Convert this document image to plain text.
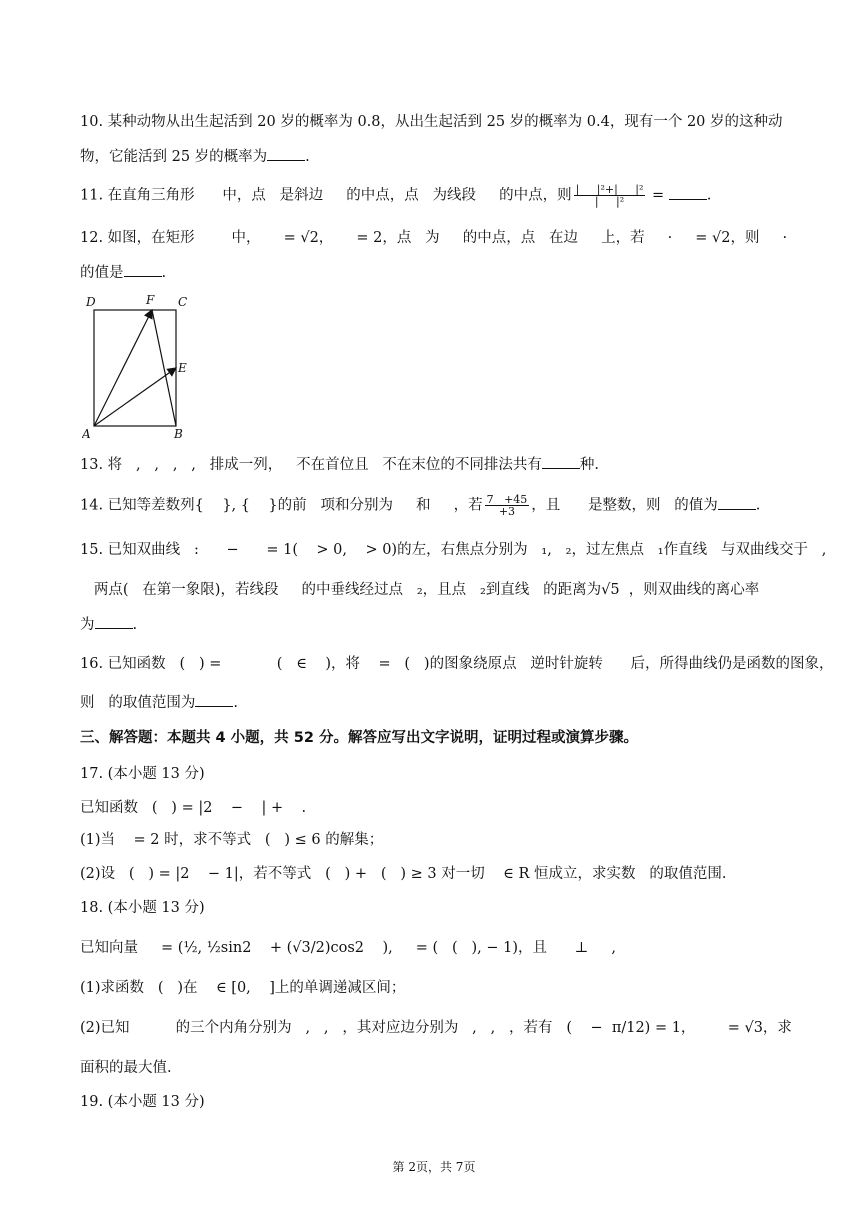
10. 某种动物从出生起活到 20 岁的概率为 0.8，从出生起活到 25 岁的概率为 0.4，现有一个 20 岁的这种动
物，它能活到 25 岁的概率为	.
11. 在直角三角形      中，点   是斜边     的中点，点   为线段     的中点，则 $\frac{\text{|     |²+|     |²}}{\text{|     |²}}$ =	.
12. 如图，在矩形        中，     = √2，     = 2，点   为     的中点，点   在边     上，若     ·     = √2，则     ·
的值是	.
D	F C
E
A	B
13. 将   ,   ,   ,   ,   排成一列，   不在首位且   不在末位的不同排法共有	种.
14. 已知等差数列{    }, {    }的前   项和分别为     和     ，若 $\frac{7 +45}{+3}$ ，且      是整数，则   的值为	.
15. 已知双曲线   :      −      = 1(    > 0,    > 0)的左，右焦点分别为   ₁,   ₂，过左焦点   ₁作直线   与双曲线交于   ,
两点(   在第一象限)，若线段     的中垂线经过点   ₂，且点   ₂到直线   的距离为√5  ，则双曲线的离心率
为	.
16. 已知函数   (   ) =            (   ∈    )，将    =   (   )的图象绕原点   逆时针旋转      后，所得曲线仍是函数的图象，
则   的取值范围为	.
三、解答题：本题共 4 小题，共 52 分。解答应写出文字说明，证明过程或演算步骤。
17. (本小题 13 分)
已知函数   (   ) = |2    −    | +    .
(1)当    = 2 时，求不等式   (   ) ≤ 6 的解集；
(2)设   (   ) = |2    − 1|，若不等式   (   ) +   (   ) ≥ 3 对一切    ∈ R 恒成立，求实数   的取值范围.
18. (本小题 13 分)
已知向量     = (½, ½sin2    + (√3/2)cos2    ),     = (   (   ), − 1)，且      ⊥     ,
(1)求函数   (   )在    ∈ [0,    ]上的单调递减区间；
(2)已知          的三个内角分别为   ,   ,   ，其对应边分别为   ,   ,   ，若有   (    −  π/12) = 1，       = √3，求
面积的最大值.
19. (本小题 13 分)
第 2页，共 7页
